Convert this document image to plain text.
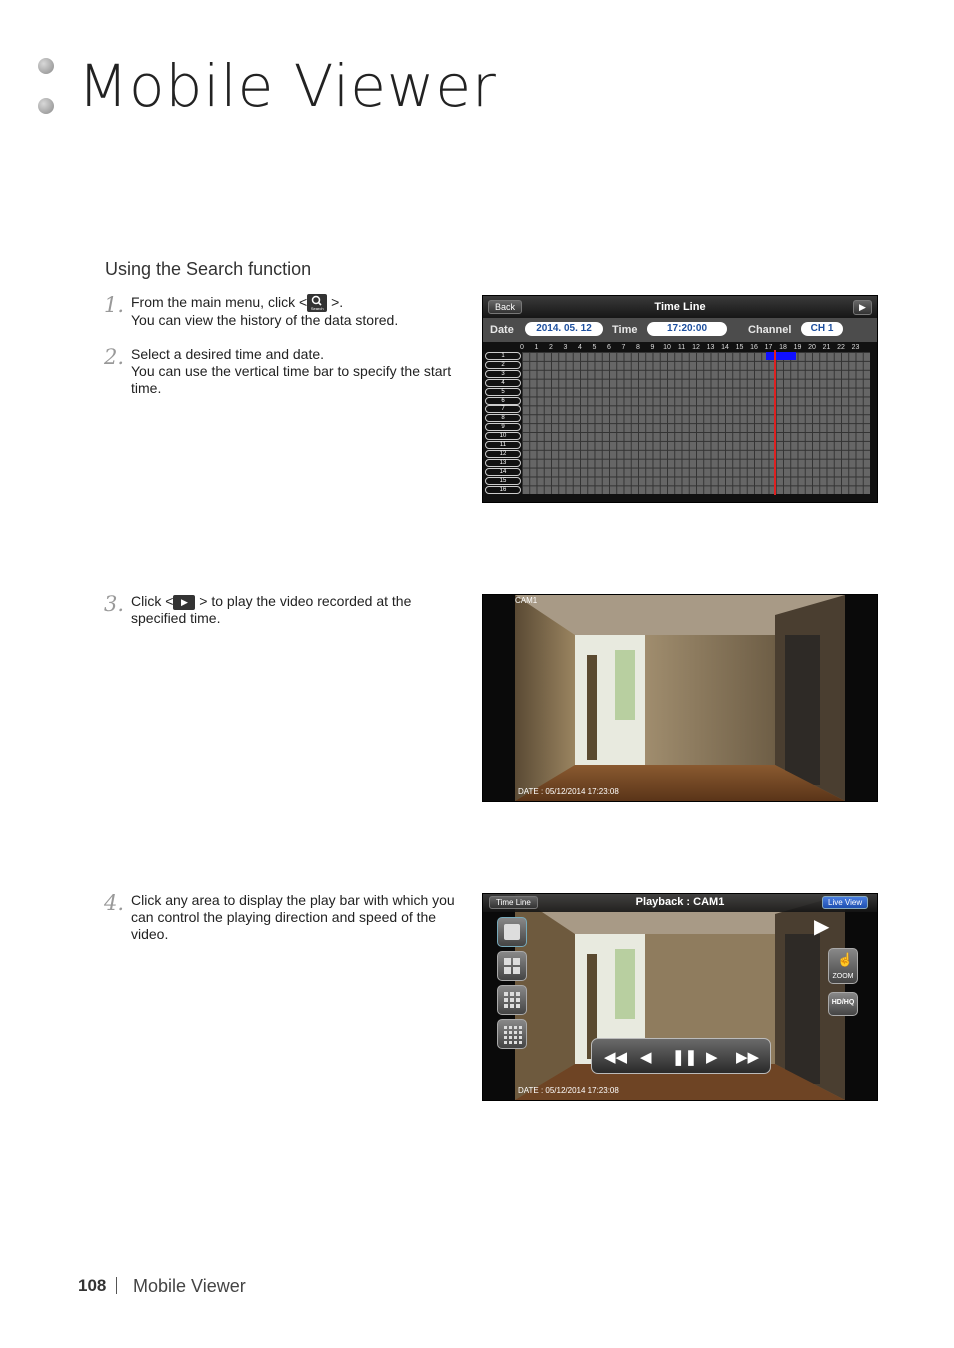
Mobile Viewer
Using the Search function
1. From the main menu, click < Search >.
You can view the history of the data stored.
2. Select a desired time and date.
You can use the vertical time bar to specify the start time.
Back	Time Line	▶
Date	2014. 05. 12	Time	17:20:00	Channel	CH 1
0	1	2	3	4	5	6	7	8	9	10 11 12 13 14 15 16 17 18 19 20 21 22 23
1
2
3
4
5
6
7
8
9
10
11
12
13
14
15
16
3. Click < ▶ > to play the video recorded at the specified time.
CAM1
DATE : 05/12/2014 17:23:08
4. Click any area to display the play bar with which you can control the playing direction and speed of the video.
Time Line	Playback : CAM1	Live View
▶
☝
ZOOM
HD/HQ
◀◀ ◀ ❚❚ ▶ ▶▶
DATE : 05/12/2014 17:23:08
108 Mobile Viewer
